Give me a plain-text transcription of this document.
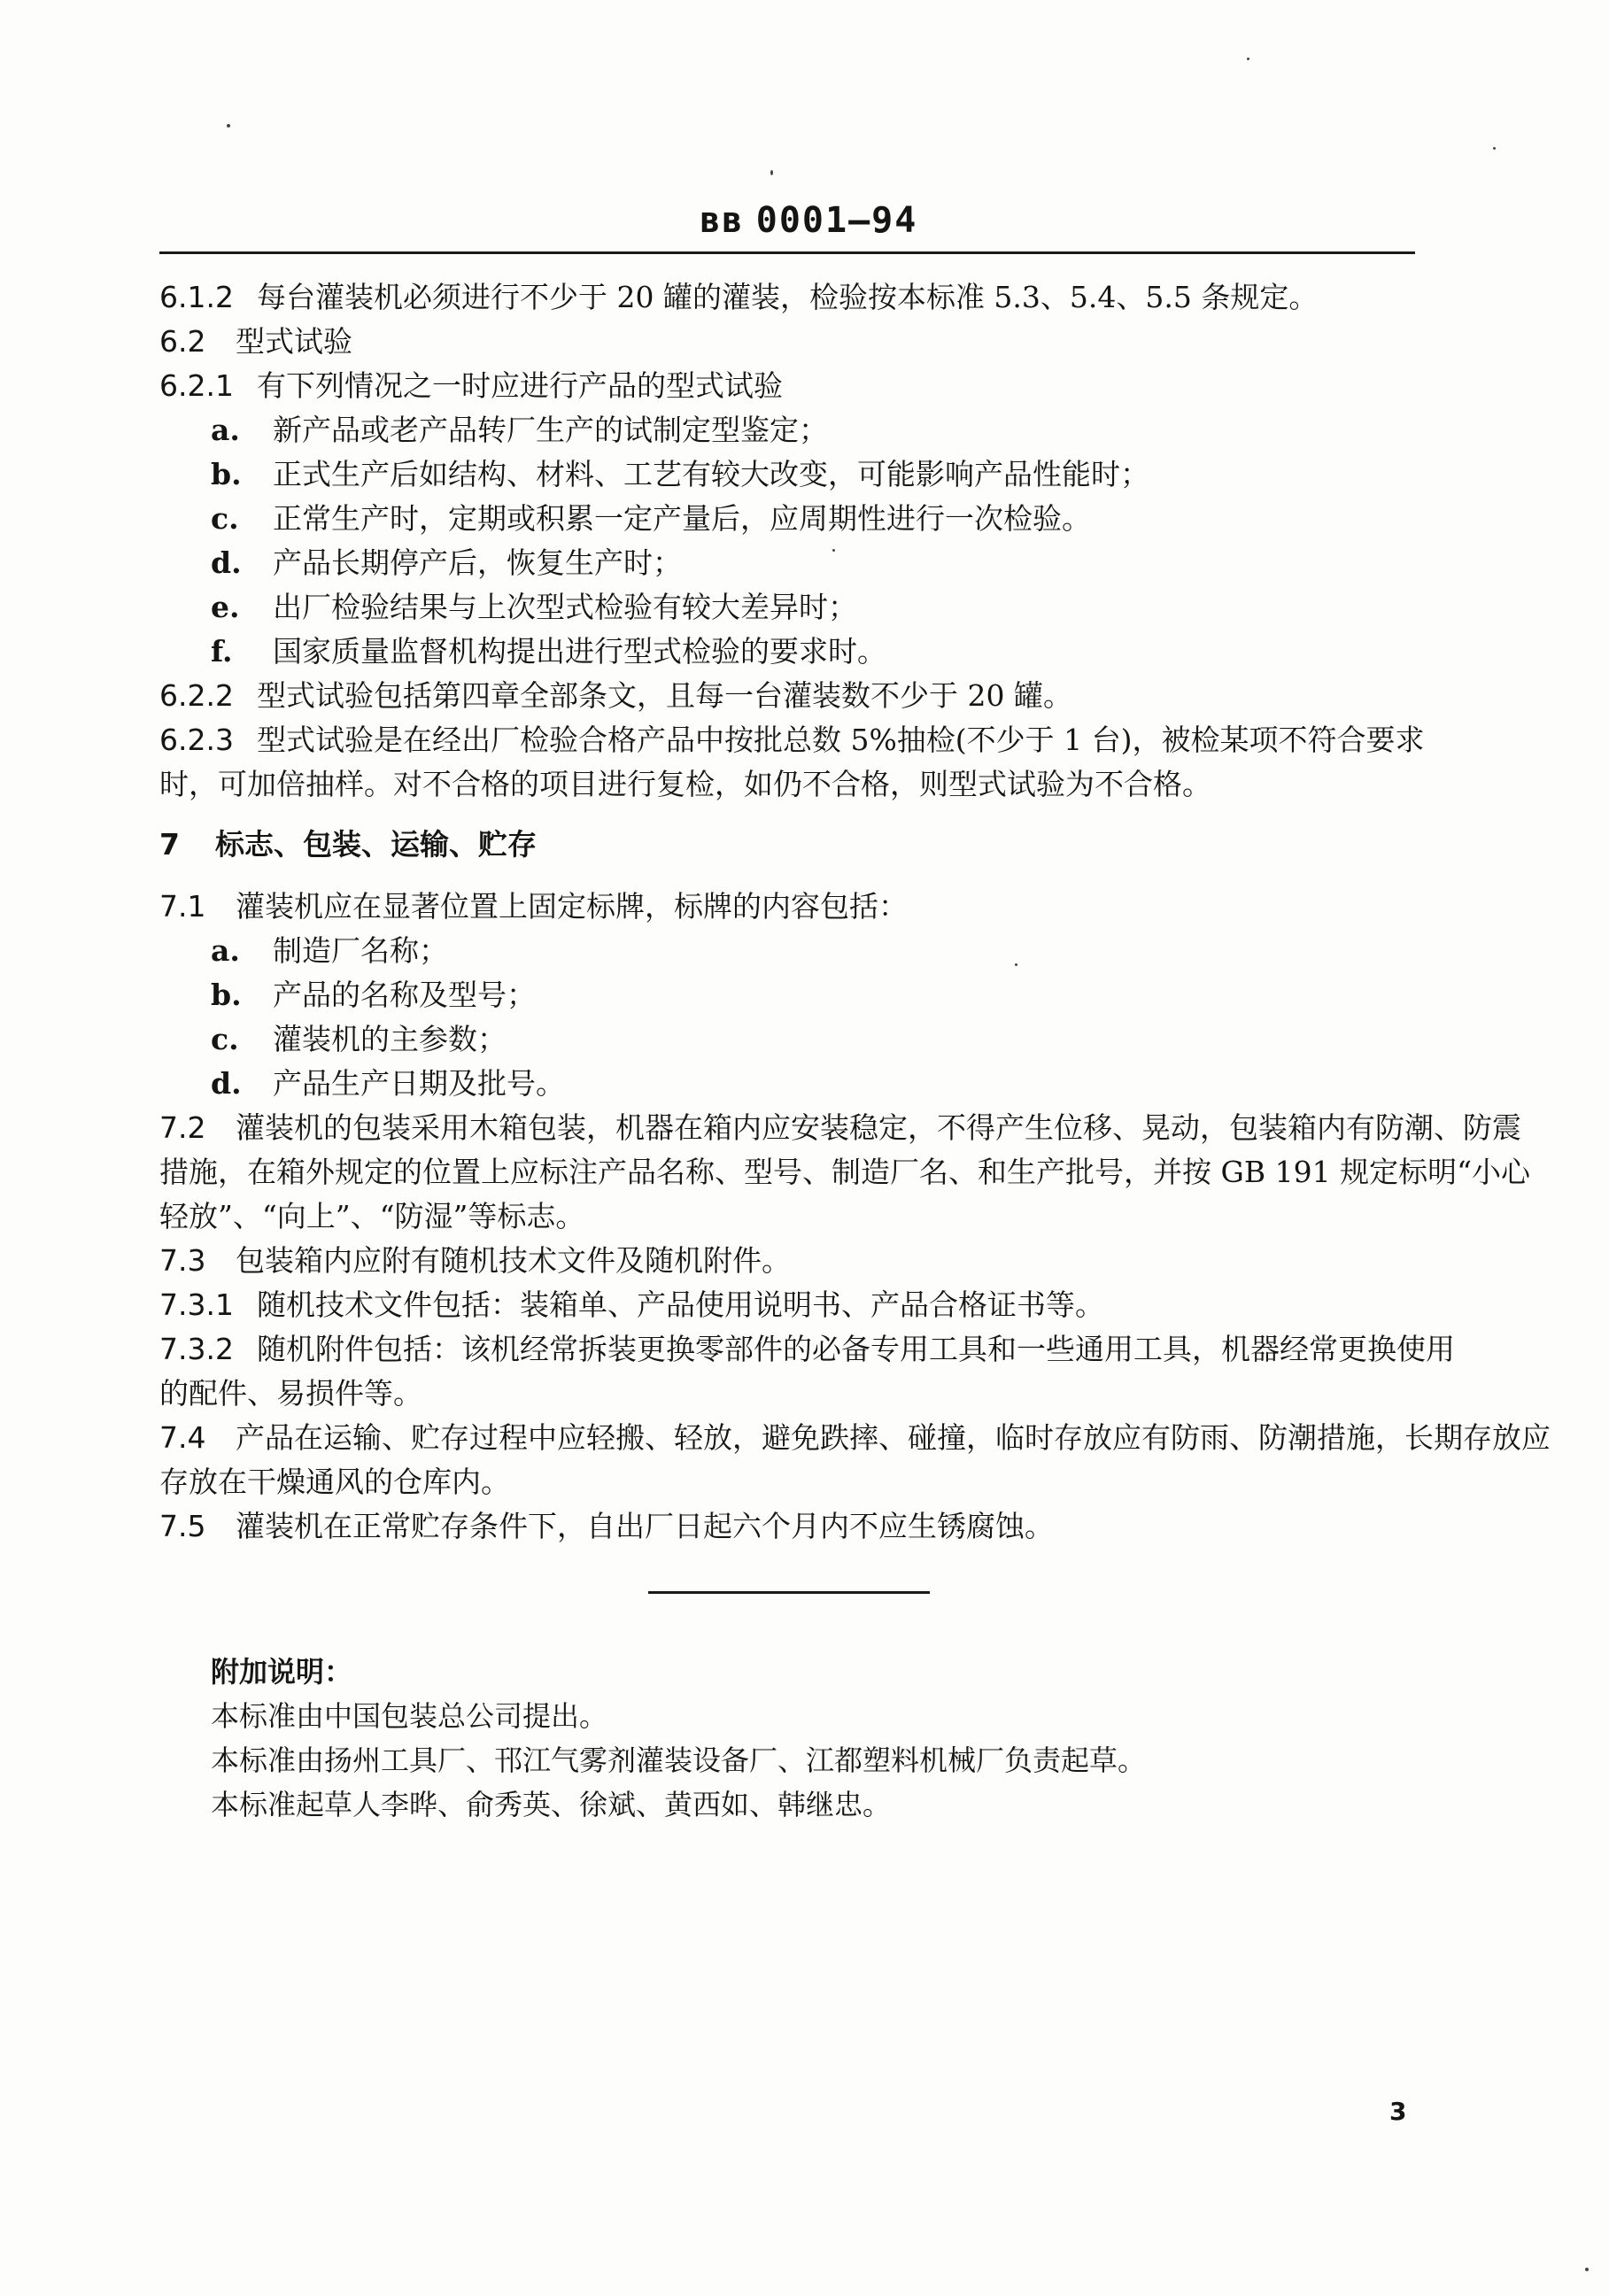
BB 0001—94
6.1.2 每台灌装机必须进行不少于 20 罐的灌装，检验按本标准 5.3、5.4、5.5 条规定。
6.2 型式试验
6.2.1 有下列情况之一时应进行产品的型式试验
a. 新产品或老产品转厂生产的试制定型鉴定；
b. 正式生产后如结构、材料、工艺有较大改变，可能影响产品性能时；
c. 正常生产时，定期或积累一定产量后，应周期性进行一次检验。
d. 产品长期停产后，恢复生产时；
e. 出厂检验结果与上次型式检验有较大差异时；
f. 国家质量监督机构提出进行型式检验的要求时。
6.2.2 型式试验包括第四章全部条文，且每一台灌装数不少于 20 罐。
6.2.3 型式试验是在经出厂检验合格产品中按批总数 5%抽检(不少于 1 台)，被检某项不符合要求
时，可加倍抽样。对不合格的项目进行复检，如仍不合格，则型式试验为不合格。
7 标志、包装、运输、贮存
7.1 灌装机应在显著位置上固定标牌，标牌的内容包括：
a. 制造厂名称；
b. 产品的名称及型号；
c. 灌装机的主参数；
d. 产品生产日期及批号。
7.2 灌装机的包装采用木箱包装，机器在箱内应安装稳定，不得产生位移、晃动，包装箱内有防潮、防震
措施，在箱外规定的位置上应标注产品名称、型号、制造厂名、和生产批号，并按 GB 191 规定标明“小心
轻放”、“向上”、“防湿”等标志。
7.3 包装箱内应附有随机技术文件及随机附件。
7.3.1 随机技术文件包括：装箱单、产品使用说明书、产品合格证书等。
7.3.2 随机附件包括：该机经常拆装更换零部件的必备专用工具和一些通用工具，机器经常更换使用
的配件、易损件等。
7.4 产品在运输、贮存过程中应轻搬、轻放，避免跌摔、碰撞，临时存放应有防雨、防潮措施，长期存放应
存放在干燥通风的仓库内。
7.5 灌装机在正常贮存条件下，自出厂日起六个月内不应生锈腐蚀。
附加说明：
本标准由中国包装总公司提出。
本标准由扬州工具厂、邗江气雾剂灌装设备厂、江都塑料机械厂负责起草。
本标准起草人李晔、俞秀英、徐斌、黄西如、韩继忠。
3
